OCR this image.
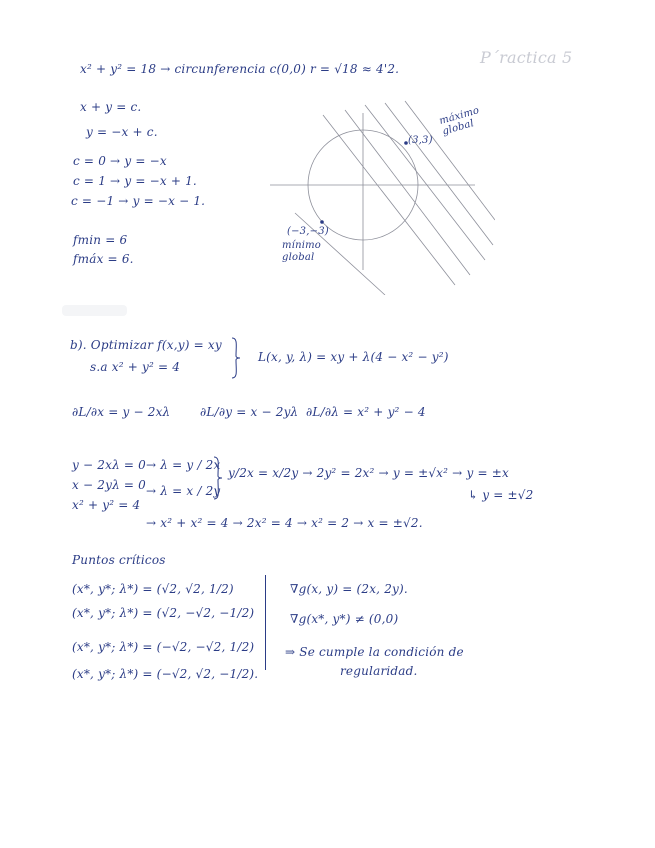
P´ractica 5
x² + y² = 18 → circunferencia c(0,0) r = √18 ≈ 4'2.
x + y = c.
y = −x + c.
c = 0 → y = −x
c = 1 → y = −x + 1.
c = −1 → y = −x − 1.
fmin = 6
fmáx = 6.
(3,3)
máximo global
(−3,−3)
mínimo global
b). Optimizar f(x,y) = xy
s.a x² + y² = 4
L(x, y, λ) = xy + λ(4 − x² − y²)
∂L/∂x = y − 2xλ ∂L/∂y = x − 2yλ ∂L/∂λ = x² + y² − 4
y − 2xλ = 0
x − 2yλ = 0
x² + y² = 4
→ λ = y / 2x
→ λ = x / 2y
y/2x = x/2y → 2y² = 2x² → y = ±√x² → y = ±x
↳ y = ±√2
→ x² + x² = 4 → 2x² = 4 → x² = 2 → x = ±√2.
Puntos críticos
(x*, y*; λ*) = (√2, √2, 1/2)
(x*, y*; λ*) = (√2, −√2, −1/2)
(x*, y*; λ*) = (−√2, −√2, 1/2)
(x*, y*; λ*) = (−√2, √2, −1/2).
∇g(x, y) = (2x, 2y).
∇g(x*, y*) ≠ (0,0)
⇒ Se cumple la condición de
regularidad.
